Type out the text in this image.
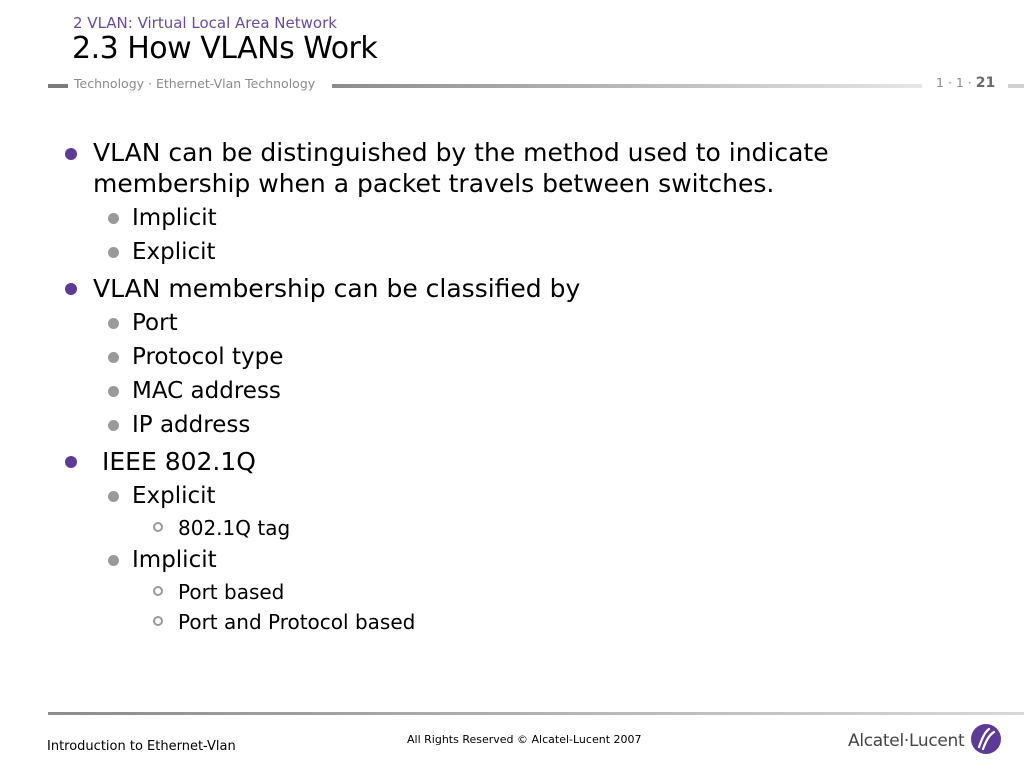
2 VLAN: Virtual Local Area Network
2.3 How VLANs Work
Technology · Ethernet-Vlan Technology	1 · 1 · 21
VLAN can be distinguished by the method used to indicate
membership when a packet travels between switches.
Implicit
Explicit
VLAN membership can be classified by
Port
Protocol type
MAC address
IP address
IEEE 802.1Q
Explicit
802.1Q tag
Implicit
Port based
Port and Protocol based
Introduction to Ethernet-Vlan	All Rights Reserved © Alcatel-Lucent 2007	Alcatel·Lucent
